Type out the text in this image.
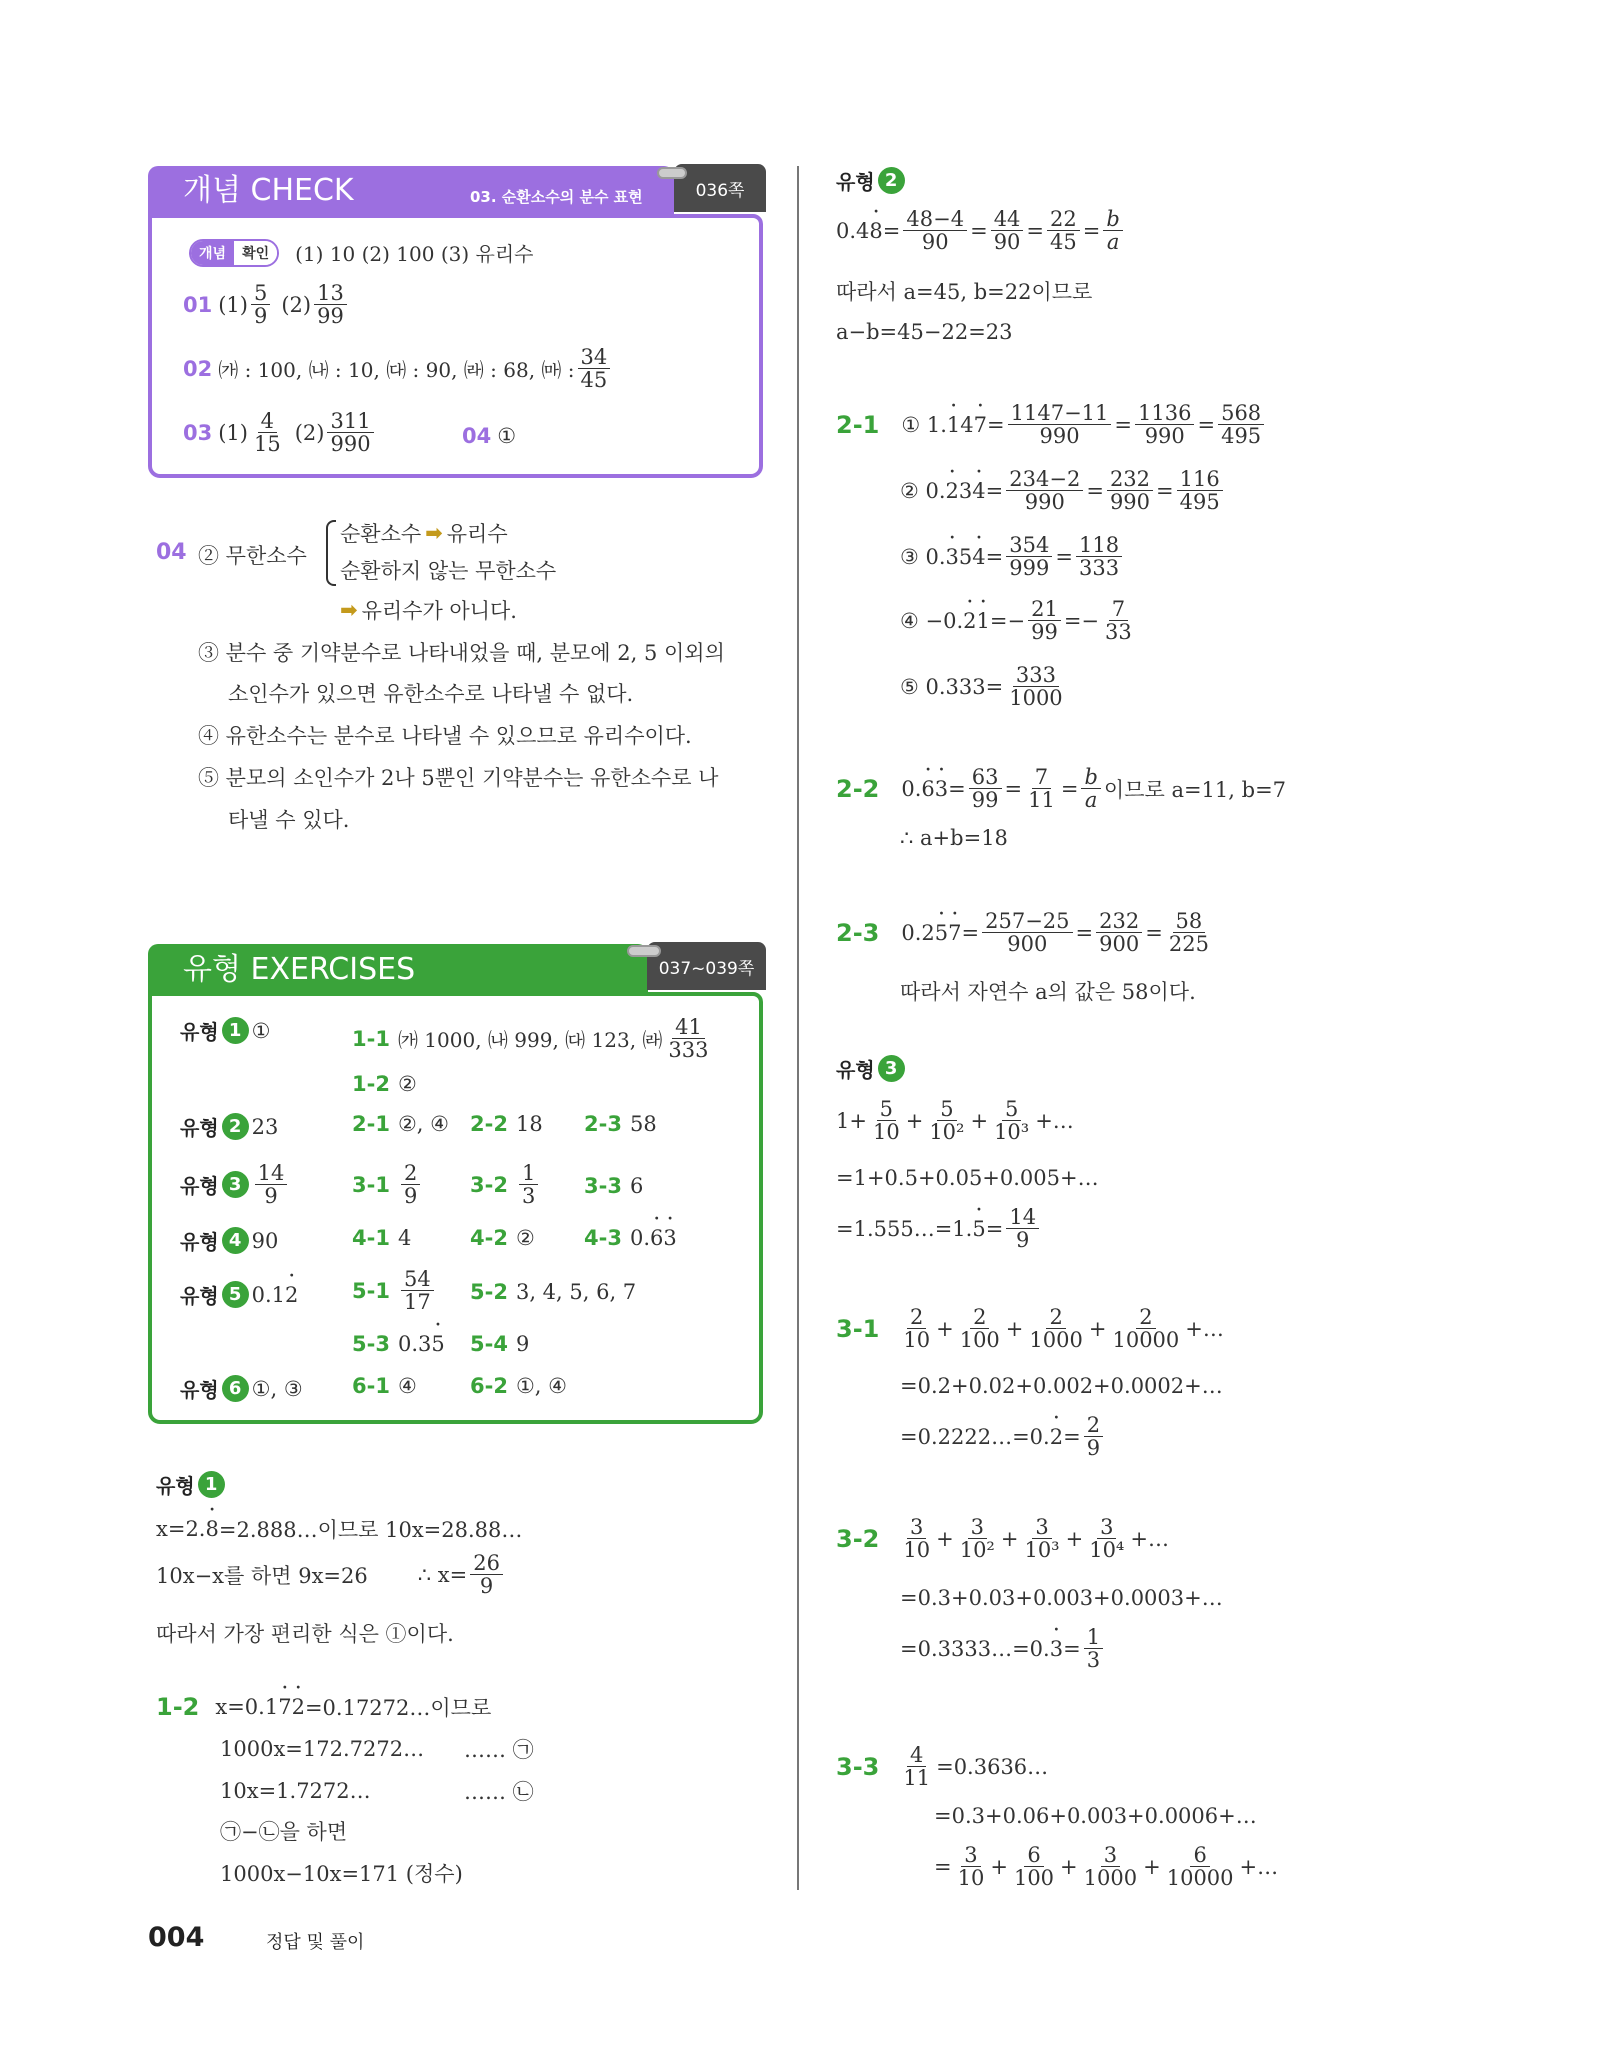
개념 CHECK	03. 순환소수의 분수 표현	036쪽
개념	확인	(1) 10 (2) 100 (3) 유리수
01 $(1) \frac{5}{9} (2) \frac{13}{99}$
02 ㈎ : 100, ㈏ : 10, ㈐ : 90, ㈑ : 68, ㈒ : $\frac{34}{45}$
03 $(1) \frac{4}{15} (2) \frac{311}{990}$	04 ①
04 ② 무한소수
순환소수 ➡ 유리수
순환하지 않는 무한소수
➡ 유리수가 아니다.
③ 분수 중 기약분수로 나타내었을 때, 분모에 2, 5 이외의
소인수가 있으면 유한소수로 나타낼 수 없다.
④ 유한소수는 분수로 나타낼 수 있으므로 유리수이다.
⑤ 분모의 소인수가 2나 5뿐인 기약분수는 유한소수로 나
타낼 수 있다.
유형 EXERCISES	037~039쪽
유형 1 ①	1-1 ㈎ 1000, ㈏ 999, ㈐ 123, ㈑ $\frac{41}{333}$
1-2 ②
유형 2 23	2-1 ②, ④ 2-2 18 2-3 58
유형 $3 \frac{14}{9}$	$3-1 \frac{2}{9} 3-2 \frac{1}{3} 3-3$ 6
유형 4 90	4-1 4	4-2 ② 4-3 0. · 6 · 3
유형 5 0.1 · 2	$5-1 \frac{54}{17} 5-2$ 3, 4, 5, 6, 7
5-3 0.3 · 5 5-4 9
유형 6 ①, ③ 6-1 ④	6-2 ①, ④
유형 1
x=2. · 8 =2.888…이므로 10x=28.88…
10x−x를 하면 9x=26 ∴ $x= \frac{26}{9}$
따라서 가장 편리한 식은 ①이다.
1-2 x=0.1 · 7 · 2 =0.17272…이므로
1000x=172.7272…	…… ㉠
10x=1.7272…	…… ㉡
㉠−㉡을 하면
1000x−10x=171 (정수)
유형 2
$0.4 \cdot 8 = \frac{48-4}{90} = \frac{44}{90} = \frac{22}{45} = \frac{b}{a}$
따라서 a=45, b=22이므로
a−b=45−22=23
2-1 ① 1. · 1 $4 \cdot 7 = \frac{1147-11}{990} = \frac{1136}{990} = \frac{568}{495}$
② 0. · 2 $3 \cdot 4 = \frac{234-2}{990} = \frac{232}{990} = \frac{116}{495}$
③ 0. · 3 $5 \cdot 4 = \frac{354}{999} = \frac{118}{333}$
④ −0. · $2 \cdot 1 =- \frac{21}{99} =- \frac{7}{33}$
⑤ $0.333= \frac{333}{1000}$
2-2 0. · $6 \cdot 3 = \frac{63}{99} = \frac{7}{11} = \frac{b}{a}$ 이므로 a=11, b=7
∴ a+b=18
2-3 $0.2 \cdot 5 \cdot 7 = \frac{257-25}{900} = \frac{232}{900} = \frac{58}{225}$
따라서 자연수 a의 값은 58이다.
유형 3
$1+ \frac{5}{10} + \frac{5}{\text{10²}} + \frac{5}{\text{10³}}$ +…
=1+0.5+0.05+0.005+…
=1.555…=1. · $5 = \frac{14}{9}$
$3-1 \frac{2}{10} + \frac{2}{100} + \frac{2}{1000} + \frac{2}{10000}$ +…
=0.2+0.02+0.002+0.0002+…
=0.2222…=0. · $2 = \frac{2}{9}$
$3-2 \frac{3}{10} + \frac{3}{\text{10²}} + \frac{3}{\text{10³}} + \frac{3}{\text{10⁴}}$ +…
=0.3+0.03+0.003+0.0003+…
=0.3333…=0. · $3 = \frac{1}{3}$
$3-3 \frac{4}{11}$ =0.3636…
=0.3+0.06+0.003+0.0006+…
= $\frac{3}{10} + \frac{6}{100} + \frac{3}{1000} + \frac{6}{10000}$ +…
004	정답 및 풀이
